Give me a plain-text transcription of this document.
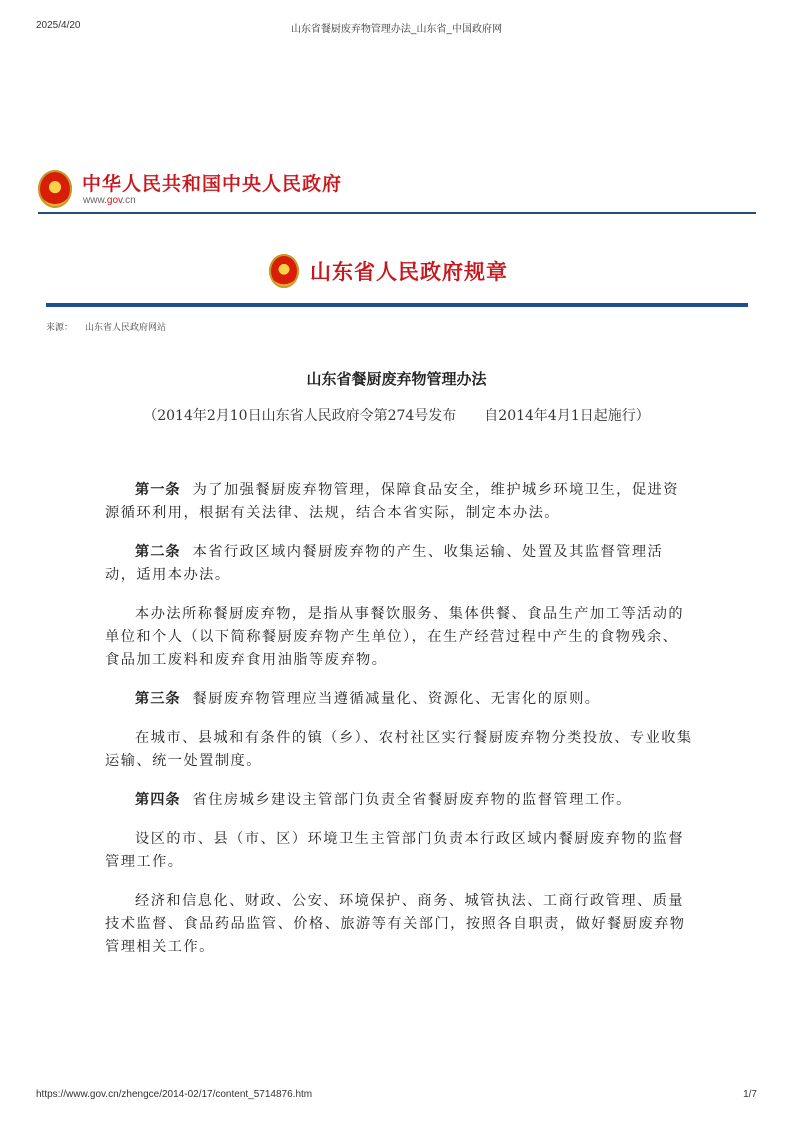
2025/4/20	山东省餐厨废弃物管理办法_山东省_中国政府网
中华人民共和国中央人民政府
www.gov.cn
山东省人民政府规章
来源： 山东省人民政府网站
山东省餐厨废弃物管理办法
（2014年2月10日山东省人民政府令第274号发布　　自2014年4月1日起施行）

第一条 为了加强餐厨废弃物管理，保障食品安全，维护城乡环境卫生，促进资源循环利用，根据有关法律、法规，结合本省实际，制定本办法。

第二条 本省行政区域内餐厨废弃物的产生、收集运输、处置及其监督管理活动，适用本办法。

本办法所称餐厨废弃物，是指从事餐饮服务、集体供餐、食品生产加工等活动的单位和个人（以下简称餐厨废弃物产生单位），在生产经营过程中产生的食物残余、食品加工废料和废弃食用油脂等废弃物。

第三条 餐厨废弃物管理应当遵循减量化、资源化、无害化的原则。

在城市、县城和有条件的镇（乡）、农村社区实行餐厨废弃物分类投放、专业收集运输、统一处置制度。

第四条 省住房城乡建设主管部门负责全省餐厨废弃物的监督管理工作。

设区的市、县（市、区）环境卫生主管部门负责本行政区域内餐厨废弃物的监督管理工作。

经济和信息化、财政、公安、环境保护、商务、城管执法、工商行政管理、质量技术监督、食品药品监管、价格、旅游等有关部门，按照各自职责，做好餐厨废弃物管理相关工作。

https://www.gov.cn/zhengce/2014-02/17/content_5714876.htm	1/7
